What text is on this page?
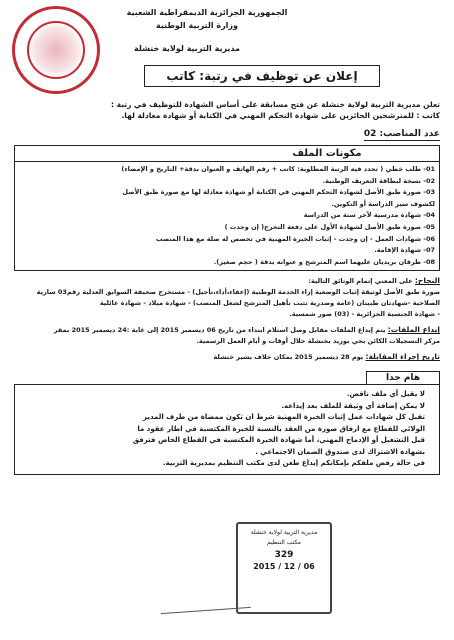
الجمهورية الجزائرية الديمقراطية الشعبية
وزارة التربية الوطنية
مديرية التربية لولاية خنشلة
إعلان عن توظيف في رتبة: كاتب

تعلن مديرية التربية لولاية خنشلة عن فتح مسابقة على أساس الشهادة للتوظيف في رتبة :

كاتب : للمترشحين الحائزين على شهادة التحكم المهني في الكتابة أو شهادة معادلة لها.

عدد المناصب: 02
مكونات الملف
01- طلب خطي ( تحدد فيه الرتبة المطلوبة: كاتب + رقم الهاتف و العنوان بدقة+ التاريخ و الإمضاء)
02- نسخة لبطاقة التعريف الوطنية.
03- صورة طبق الأصل لشهادة التحكم المهني في الكتابة أو شهادة معادلة لها مع صورة طبق الأصل
لكشوف سير الدراسة أو التكوين.
04- شهادة مدرسية لآخر سنة من الدراسة
05- صورة طبق الأصل لشهادة الأول على دفعة التخرج( إن وجدت )
06- شهادات العمل - إن وجدت - إثبات الخبرة المهنية في تخصص له صلة مع هذا المنصب
07- شهادة الإقامة.
08- ظرفان بريديان عليهما اسم المترشح و عنوانه بدقة ( حجم صغير).

النجاح: على المعني إتمام الوثائق التالية:

صورة طبق الأصل لوثيقة إثبات الوضعية إزاء الخدمة الوطنية (إعفاء،أداء،تأجيل) - مستخرج صحيفة السوابق العدلية رقم03 سارية

الصلاحية -شهادتان طبيتان (عامة وصدرية تثبت تأهيل المترشح لشغل المنصب) - شهادة ميلاد - شهادة عائلية

- شهادة الجنسية الجزائرية - (03) صور شمسية.

إيداع الملفات: يتم إيداع الملفات مقابل وصل استلام ابتداء من تاريخ 06 ديسمبر 2015 إلى غاية :24 ديسمبر 2015 بمقر

مركز التسجيلات الكائن بحي بوزيد بخنشلة خلال أوقات و أيام العمل الرسمية.

تاريخ إجراء المقابلة: يوم 28 ديسمبر 2015 بمكان خلاف بشير خنشلة

هام جدا
لا يقبل أي ملف ناقص.
لا يمكن إضافة أي وثيقة للملف بعد إيداعه.
تقبل كل شهادات عمل إثبات الخبرة المهنية شرط ان تكون ممضاة من طرف المدير
الولائي للقطاع مع ارفاق صورة من العقد بالنسبة للخبرة المكتسبة في اطار عقود ما
قبل التشغيل أو الإدماج المهني، أما شهادة الخبرة المكتسبة في القطاع الخاص فترفق
بشهادة الاشتراك لدى صندوق الضمان الاجتماعي .
في حالة رفض ملفكم بإمكانكم إيداع طعن لدى مكتب التنظيم بمديرية التربية.
مديرية التربية لولاية خنشلة
مكتب التنظيم
329
2015 / 12 / 06
